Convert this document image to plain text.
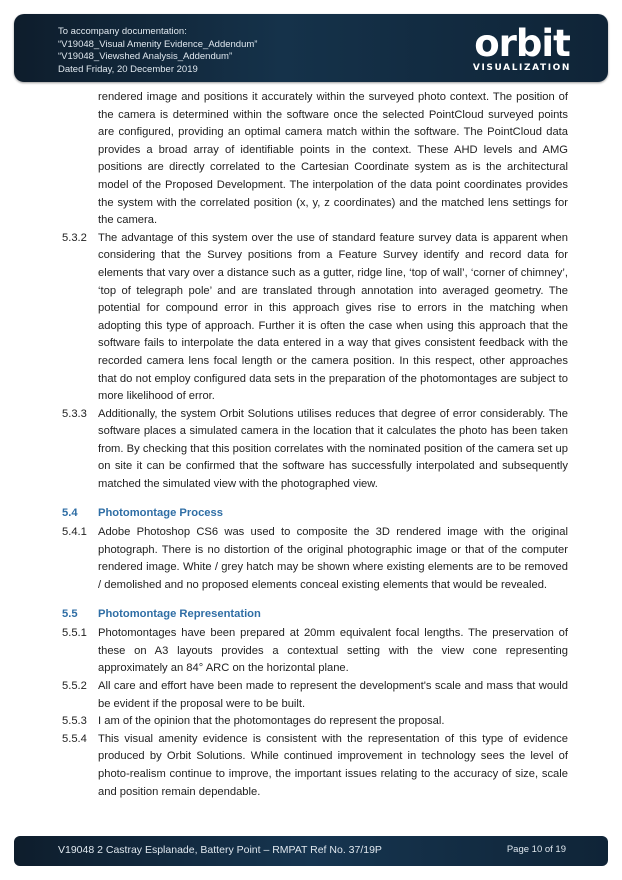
To accompany documentation:
“V19048_Visual Amenity Evidence_Addendum”
“V19048_Viewshed Analysis_Addendum”
Dated Friday, 20 December 2019
orbit
VISUALIZATION
rendered image and positions it accurately within the surveyed photo context. The position of the camera is determined within the software once the selected PointCloud surveyed points are configured, providing an optimal camera match within the software. The PointCloud data provides a broad array of identifiable points in the context. These AHD levels and AMG positions are directly correlated to the Cartesian Coordinate system as is the architectural model of the Proposed Development. The interpolation of the data point coordinates provides the system with the correlated position (x, y, z coordinates) and the matched lens settings for the camera.
5.3.2 The advantage of this system over the use of standard feature survey data is apparent when considering that the Survey positions from a Feature Survey identify and record data for elements that vary over a distance such as a gutter, ridge line, ‘top of wall’, ‘corner of chimney’, ‘top of telegraph pole’ and are translated through annotation into averaged geometry. The potential for compound error in this approach gives rise to errors in the matching when adopting this type of approach. Further it is often the case when using this approach that the software fails to interpolate the data entered in a way that gives consistent feedback with the recorded camera lens focal length or the camera position. In this respect, other approaches that do not employ configured data sets in the preparation of the photomontages are subject to more likelihood of error.
5.3.3 Additionally, the system Orbit Solutions utilises reduces that degree of error considerably. The software places a simulated camera in the location that it calculates the photo has been taken from. By checking that this position correlates with the nominated position of the camera set up on site it can be confirmed that the software has successfully interpolated and subsequently matched the simulated view with the photographed view.
5.4	Photomontage Process
5.4.1 Adobe Photoshop CS6 was used to composite the 3D rendered image with the original photograph. There is no distortion of the original photographic image or that of the computer rendered image. White / grey hatch may be shown where existing elements are to be removed / demolished and no proposed elements conceal existing elements that would be revealed.
5.5	Photomontage Representation
5.5.1 Photomontages have been prepared at 20mm equivalent focal lengths. The preservation of these on A3 layouts provides a contextual setting with the view cone representing approximately an 84° ARC on the horizontal plane.
5.5.2 All care and effort have been made to represent the development's scale and mass that would be evident if the proposal were to be built.
5.5.3 I am of the opinion that the photomontages do represent the proposal.
5.5.4 This visual amenity evidence is consistent with the representation of this type of evidence produced by Orbit Solutions. While continued improvement in technology sees the level of photo-realism continue to improve, the important issues relating to the accuracy of size, scale and position remain dependable.
V19048 2 Castray Esplanade, Battery Point – RMPAT Ref No. 37/19P	Page 10 of 19
